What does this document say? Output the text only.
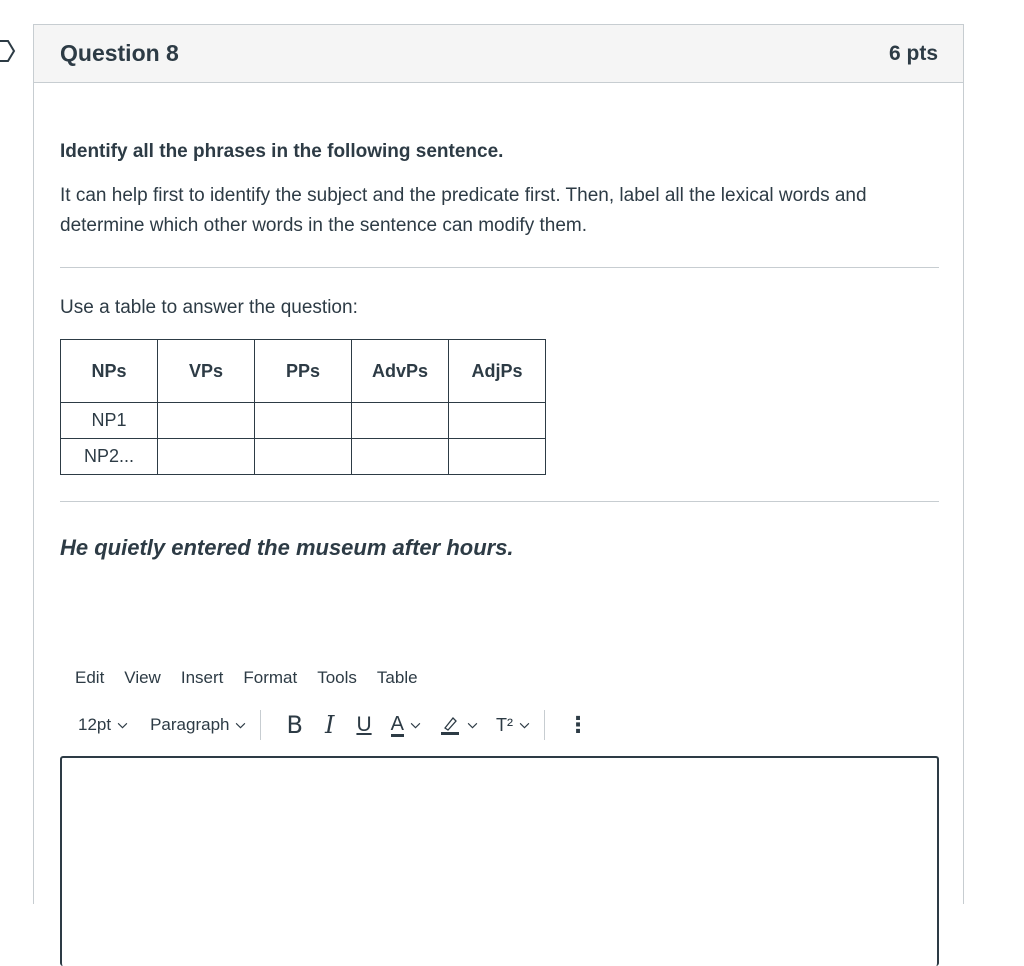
Question 8	6 pts
Identify all the phrases in the following sentence.
It can help first to identify the subject and the predicate first. Then, label all the lexical words and determine which other words in the sentence can modify them.
Use a table to answer the question:
NPs	VPs	PPs	AdvPs	AdjPs
NP1				
NP2...				
He quietly entered the museum after hours.
Edit View Insert Format Tools Table
12pt Paragraph B I U A	T² ⋮
